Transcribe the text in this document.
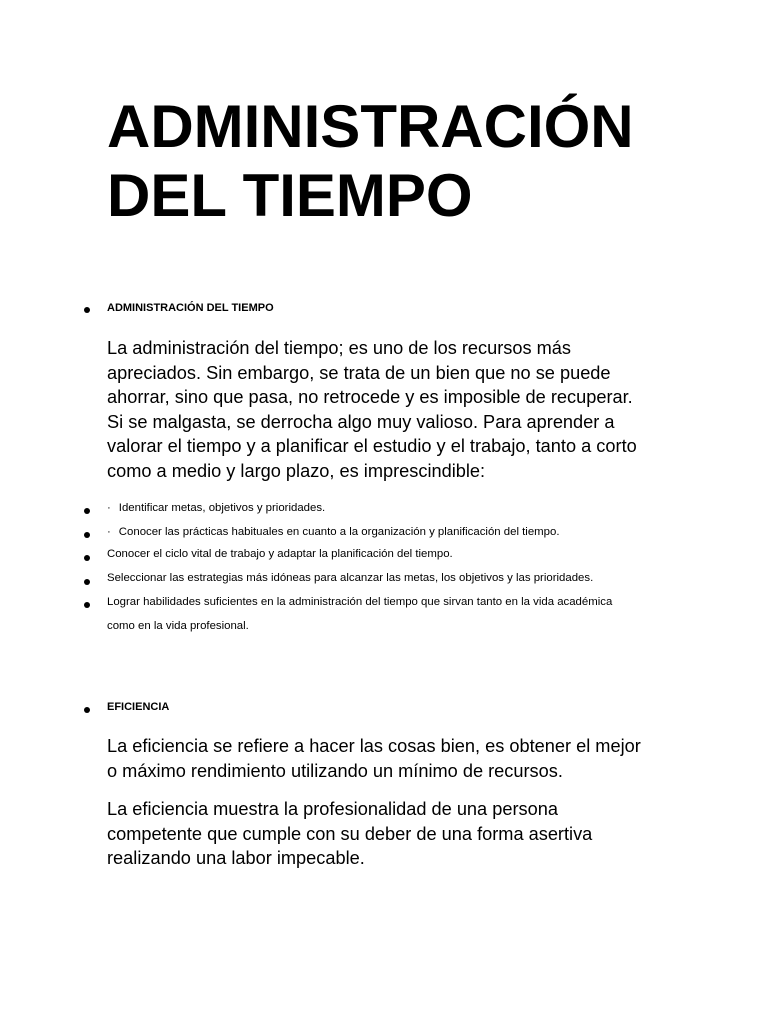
ADMINISTRACIÓN
DEL TIEMPO
ADMINISTRACIÓN DEL TIEMPO
La administración del tiempo; es uno de los recursos más
apreciados. Sin embargo, se trata de un bien que no se puede
ahorrar, sino que pasa, no retrocede y es imposible de recuperar.
Si se malgasta, se derrocha algo muy valioso. Para aprender a
valorar el tiempo y a planificar el estudio y el trabajo, tanto a corto
como a medio y largo plazo, es imprescindible:
· Identificar metas, objetivos y prioridades.
· Conocer las prácticas habituales en cuanto a la organización y planificación del tiempo.
Conocer el ciclo vital de trabajo y adaptar la planificación del tiempo.
Seleccionar las estrategias más idóneas para alcanzar las metas, los objetivos y las prioridades.
Lograr habilidades suficientes en la administración del tiempo que sirvan tanto en la vida académica
como en la vida profesional.
EFICIENCIA
La eficiencia se refiere a hacer las cosas bien, es obtener el mejor
o máximo rendimiento utilizando un mínimo de recursos.
La eficiencia muestra la profesionalidad de una persona
competente que cumple con su deber de una forma asertiva
realizando una labor impecable.
